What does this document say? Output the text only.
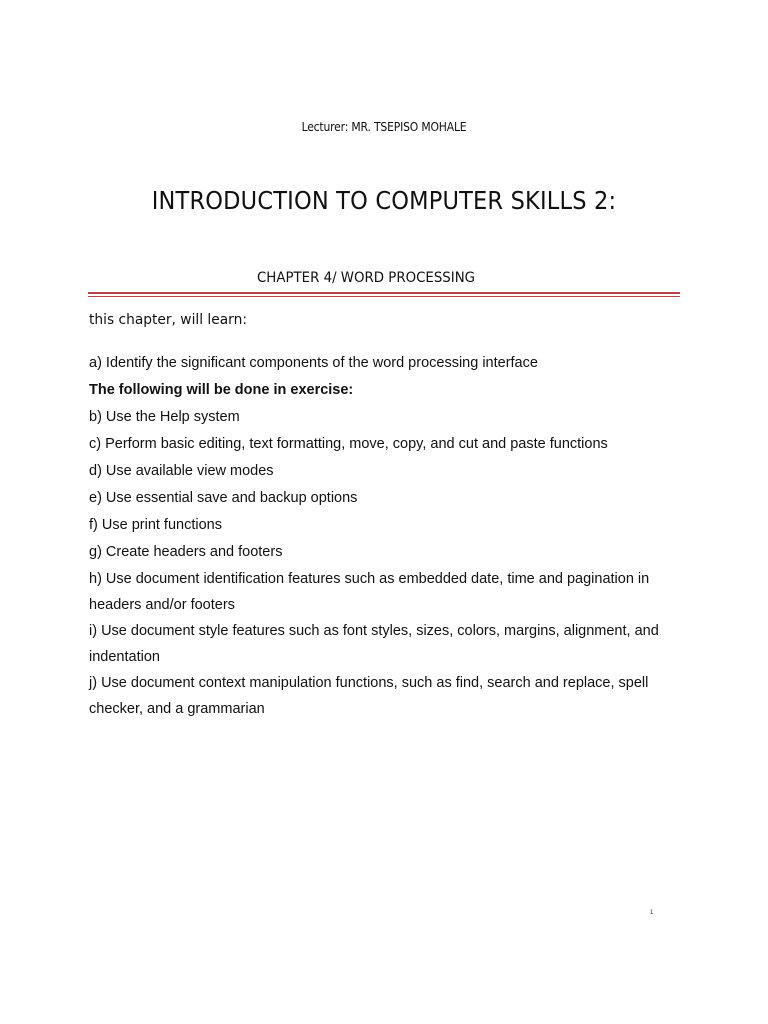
Lecturer: MR. TSEPISO MOHALE
INTRODUCTION TO COMPUTER SKILLS 2:
CHAPTER 4/ WORD PROCESSING
this chapter, will learn:

a) Identify the significant components of the word processing interface

The following will be done in exercise:

b) Use the Help system

c) Perform basic editing, text formatting, move, copy, and cut and paste functions

d) Use available view modes

e) Use essential save and backup options

f) Use print functions

g) Create headers and footers

h) Use document identification features such as embedded date, time and pagination in headers and/or footers

i) Use document style features such as font styles, sizes, colors, margins, alignment, and indentation

j) Use document context manipulation functions, such as find, search and replace, spell checker, and a grammarian

1
